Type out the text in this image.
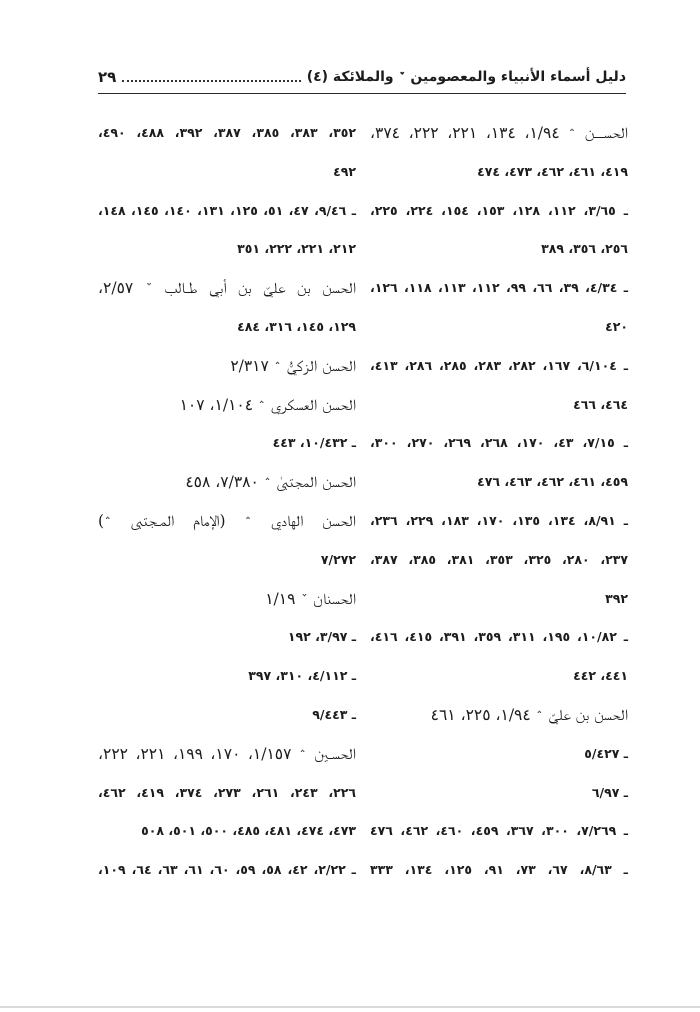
دليل أسماء الأنبياء والمعصومين ﮸ والملائكة (٤)
٢٩
الحســـن ﮶ ١/٩٤، ١٣٤، ٢٢١، ٢٢٢، ٣٧٤،
٤١٩، ٤٦١، ٤٦٢، ٤٧٣، ٤٧٤
ـ ٣/٦٥، ١١٢، ١٢٨، ١٥٣، ١٥٤، ٢٢٤، ٢٢٥،
٢٥٦، ٣٥٦، ٣٨٩
ـ ٤/٣٤، ٣٩، ٦٦، ٩٩، ١١٢، ١١٣، ١١٨، ١٢٦،
٤٢٠
ـ ٦/١٠٤، ١٦٧، ٢٨٢، ٢٨٣، ٢٨٥، ٢٨٦، ٤١٣،
٤٦٤، ٤٦٦
ـ ٧/١٥، ٤٣، ١٧٠، ٢٦٨، ٢٦٩، ٢٧٠، ٣٠٠،
٤٥٩، ٤٦١، ٤٦٢، ٤٦٣، ٤٧٦
ـ ٨/٩١، ١٣٤، ١٣٥، ١٧٠، ١٨٣، ٢٢٩، ٢٣٦،
٢٣٧، ٢٨٠، ٣٢٥، ٣٥٣، ٣٨١، ٣٨٥، ٣٨٧،
٣٩٢
ـ ١٠/٨٢، ١٩٥، ٣١١، ٣٥٩، ٣٩١، ٤١٥، ٤١٦،
٤٤١، ٤٤٢
الحسن بن عليّ ﮶ ١/٩٤، ٢٢٥، ٤٦١
ـ ٥/٤٢٧
ـ ٦/٩٧
ـ ٧/٢٦٩، ٣٠٠، ٣٦٧، ٤٥٩، ٤٦٠، ٤٦٢، ٤٧٦
ـ ٨/٦٣، ٦٧، ٧٣، ٩١، ١٢٥، ١٣٤، ٣٣٣
٣٥٢، ٣٨٣، ٣٨٥، ٣٨٧، ٣٩٢، ٤٨٨، ٤٩٠،
٤٩٢
ـ ٩/٤٦، ٤٧، ٥١، ١٢٥، ١٣١، ١٤٠، ١٤٥، ١٤٨،
٢١٢، ٢٢١، ٢٢٢، ٣٥١
الحسن بن عليّ بن أبي طـالب ﮸ ٢/٥٧،
١٢٩، ١٤٥، ٣١٦، ٤٨٤
الحسن الزكيُّ ﮶ ٢/٣١٧
الحسن العسكري ﮶ ١/١٠٤، ١٠٧
ـ ١٠/٤٣٢، ٤٤٣
الحسن المجتبىٰ ﮶ ٧/٣٨٠، ٤٥٨
الحسن الهادي ﮶ (الإمام المـجتبى ﮶)
٧/٢٧٢
الحسنان ﮸ ١/١٩
ـ ٣/٩٧، ١٩٢
ـ ٤/١١٢، ٣١٠، ٣٩٧
ـ ٩/٤٤٣
الحسـين ﮶ ١/١٥٧، ١٧٠، ١٩٩، ٢٢١، ٢٢٢،
٢٢٦، ٢٤٣، ٢٦١، ٢٧٣، ٣٧٤، ٤١٩، ٤٦٢،
٤٧٣، ٤٧٤، ٤٨١، ٤٨٥، ٥٠٠، ٥٠١، ٥٠٨
ـ ٢/٢٢، ٤٢، ٥٨، ٥٩، ٦٠، ٦١، ٦٣، ٦٤، ١٠٩،
